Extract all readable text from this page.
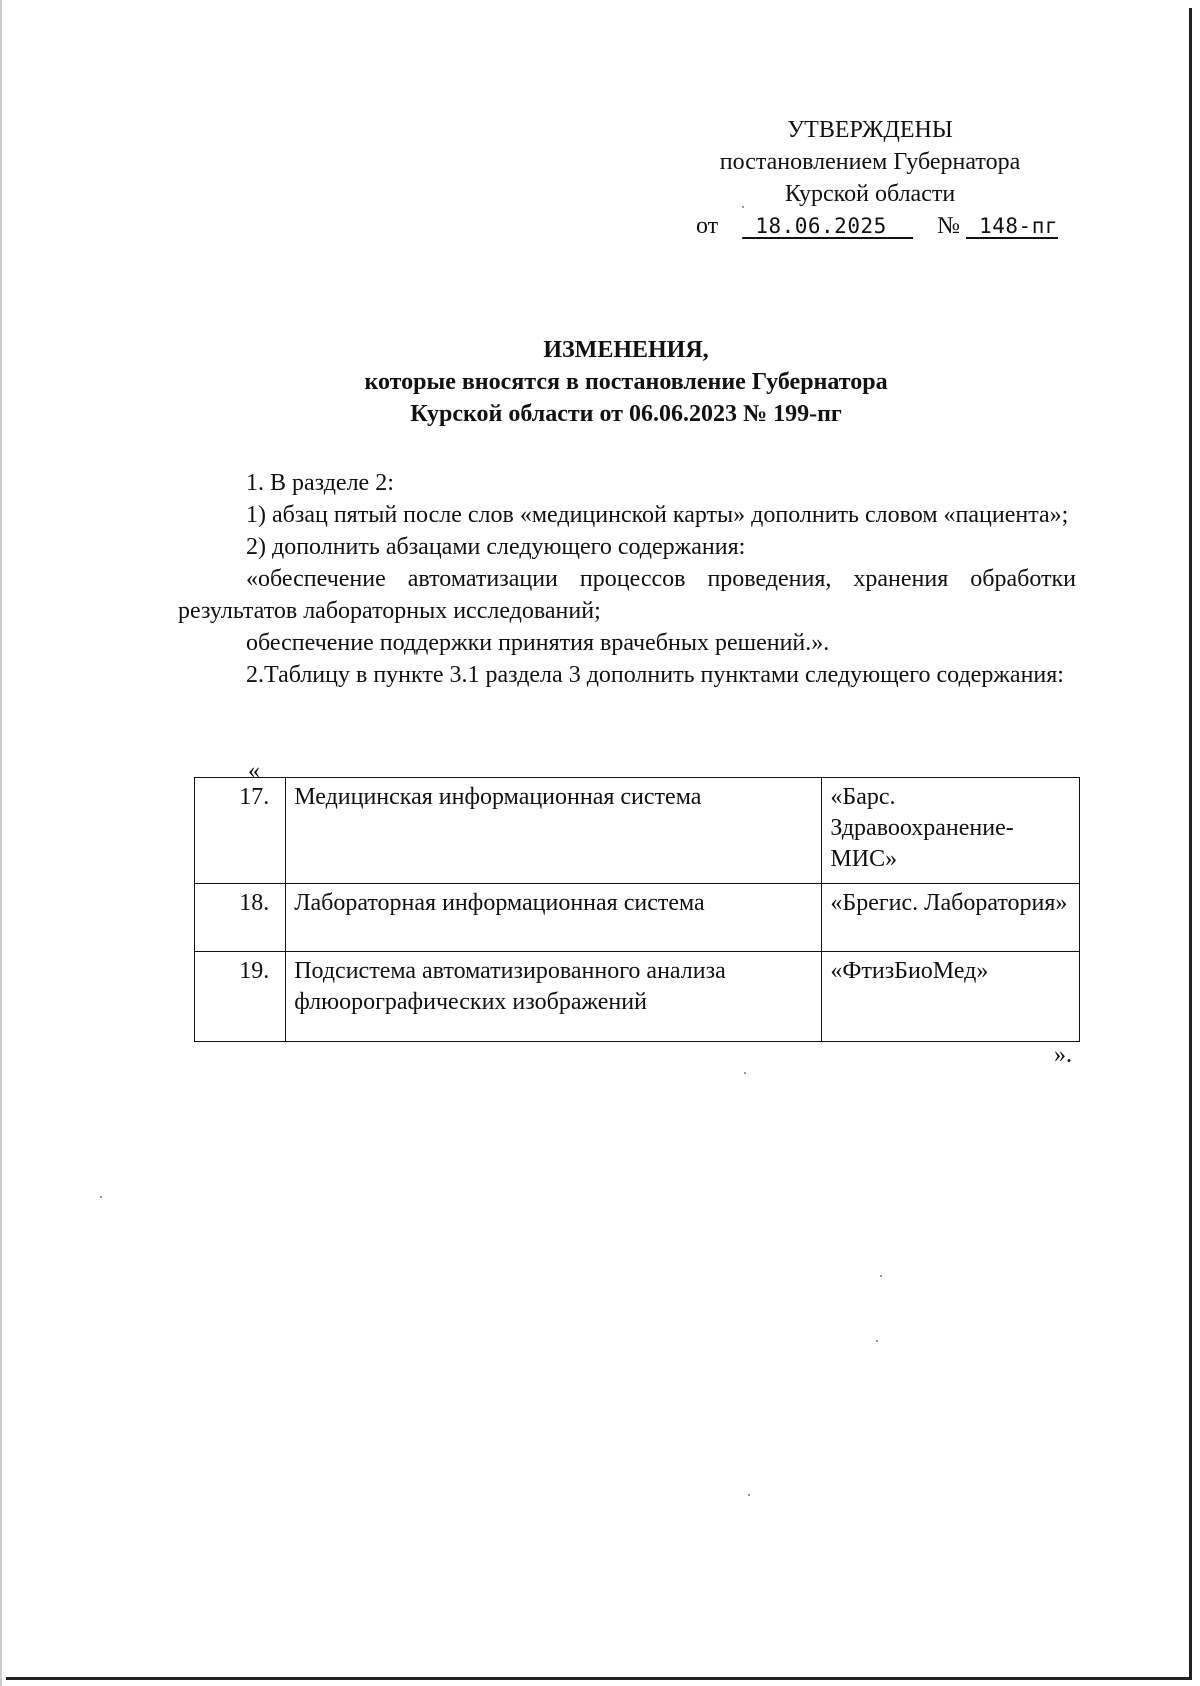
УТВЕРЖДЕНЫ
постановлением Губернатора
Курской области
от 18.06.2025 № 148-пг
ИЗМЕНЕНИЯ,
которые вносятся в постановление Губернатора
Курской области от 06.06.2023 № 199-пг

1. В разделе 2:

1) абзац пятый после слов «медицинской карты» дополнить словом «пациента»;

2) дополнить абзацами следующего содержания:

«обеспечение автоматизации процессов проведения, хранения обработки результатов лабораторных исследований;

обеспечение поддержки принятия врачебных решений.».

2.Таблицу в пункте 3.1 раздела 3 дополнить пунктами следующего содержания:

«
17.	Медицинская информационная система	«Барс. Здравоохранение-МИС»
18.	Лабораторная информационная система	«Брегис. Лаборатория»
19.	Подсистема автоматизированного анализа флюорографических изображений	«ФтизБиоМед»
».
